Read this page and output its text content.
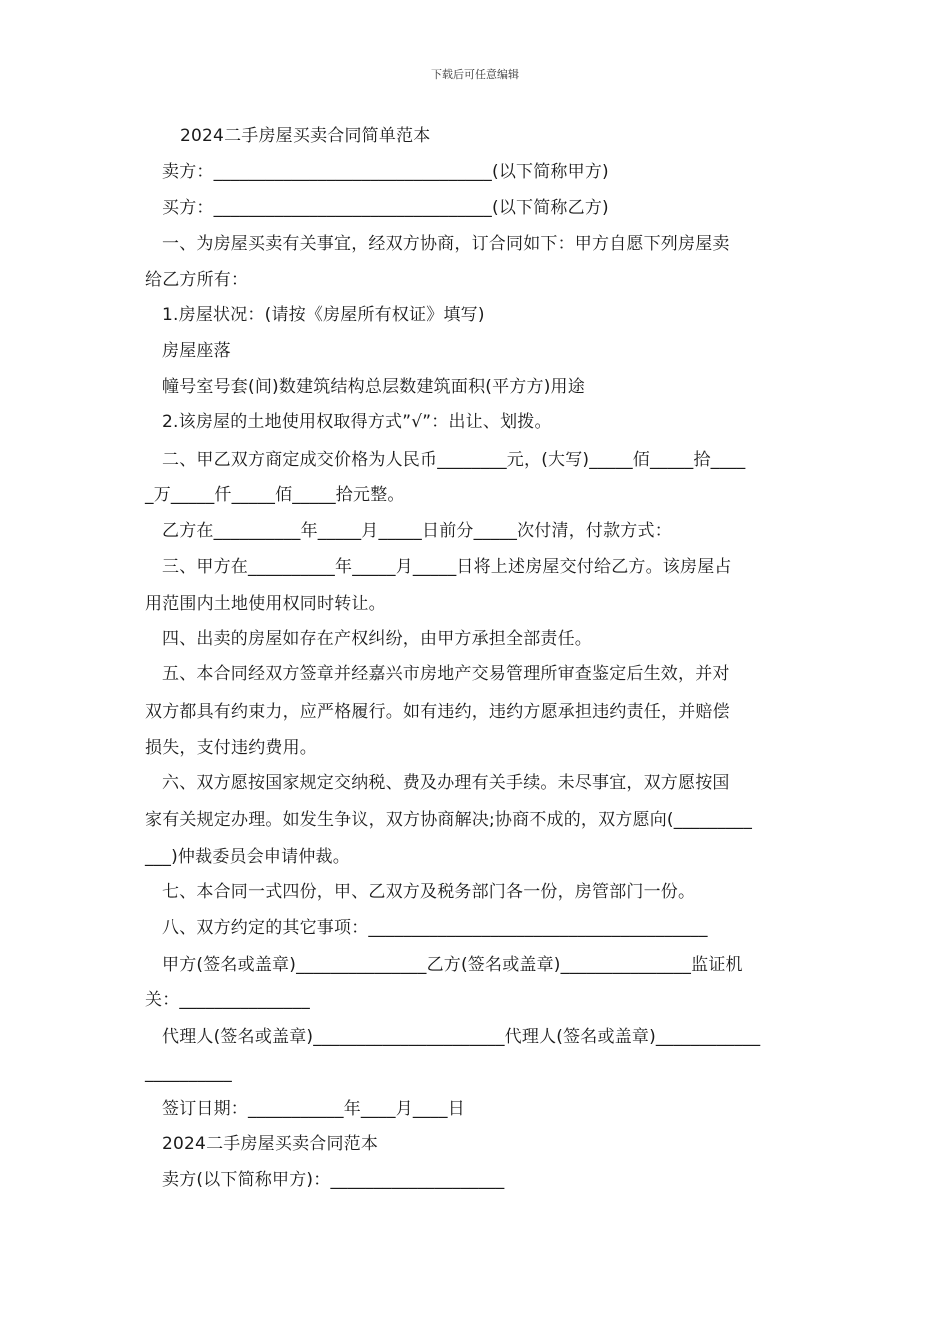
下载后可任意编辑
2024二手房屋买卖合同简单范本
卖方：________________________________(以下简称甲方)
买方：________________________________(以下简称乙方)
一、为房屋买卖有关事宜，经双方协商，订合同如下：甲方自愿下列房屋卖
给乙方所有：
1.房屋状况：(请按《房屋所有权证》填写)
房屋座落
幢号室号套(间)数建筑结构总层数建筑面积(平方方)用途
2.该房屋的土地使用权取得方式”√”：出让、划拨。
二、甲乙双方商定成交价格为人民币________元，(大写)_____佰_____拾____
_万_____仟_____佰_____拾元整。
乙方在__________年_____月_____日前分_____次付清，付款方式：
三、甲方在__________年_____月_____日将上述房屋交付给乙方。该房屋占
用范围内土地使用权同时转让。
四、出卖的房屋如存在产权纠纷，由甲方承担全部责任。
五、本合同经双方签章并经嘉兴市房地产交易管理所审查鉴定后生效，并对
双方都具有约束力，应严格履行。如有违约，违约方愿承担违约责任，并赔偿
损失，支付违约费用。
六、双方愿按国家规定交纳税、费及办理有关手续。未尽事宜，双方愿按国
家有关规定办理。如发生争议，双方协商解决;协商不成的，双方愿向(_________
___)仲裁委员会申请仲裁。
七、本合同一式四份，甲、乙双方及税务部门各一份，房管部门一份。
八、双方约定的其它事项：_______________________________________
甲方(签名或盖章)_______________乙方(签名或盖章)_______________监证机
关：_______________
代理人(签名或盖章)______________________代理人(签名或盖章)____________
__________
签订日期：___________年____月____日
2024二手房屋买卖合同范本
卖方(以下简称甲方)：____________________
